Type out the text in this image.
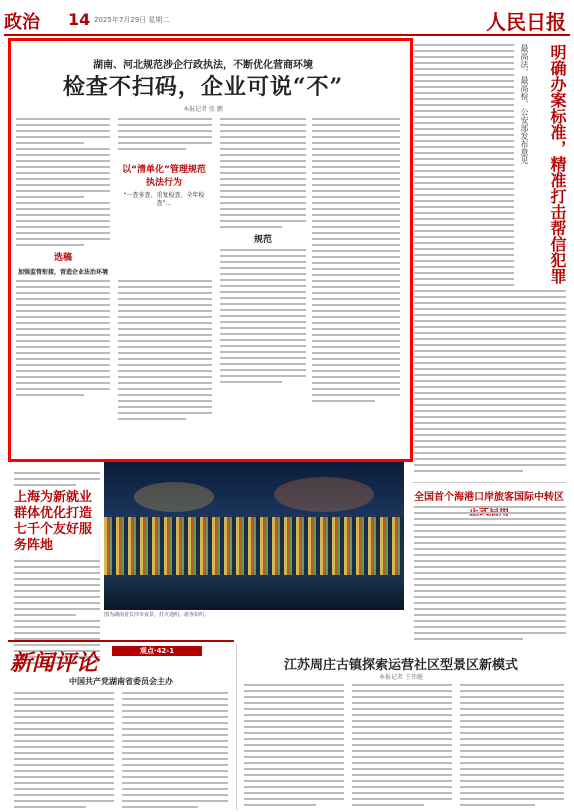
政治 14 2025年7月29日 星期二	人民日报
湖南、河北规范涉企行政执法，不断优化营商环境
检查不扫码，企业可说“不”
本报记者 张 鹏
选稿
加强监管衔接，营造企业法治环境
以“清单化”管理规范执法行为
“一查多查、重复检查、全年检查”…
规范
上海为新就业群体优化打造七千个友好服务阵地
图为湖南省长沙市夜景，灯火通明，游客如织。
明确办案标准，精准打击帮信犯罪
最高法、最高检、公安部发布意见
全国首个海港口岸旅客国际中转区
新闻评论	观点·42-1
中国共产党湖南省委员会主办
江苏周庄古镇探索运营社区型景区新模式
本报记者 王伟健
